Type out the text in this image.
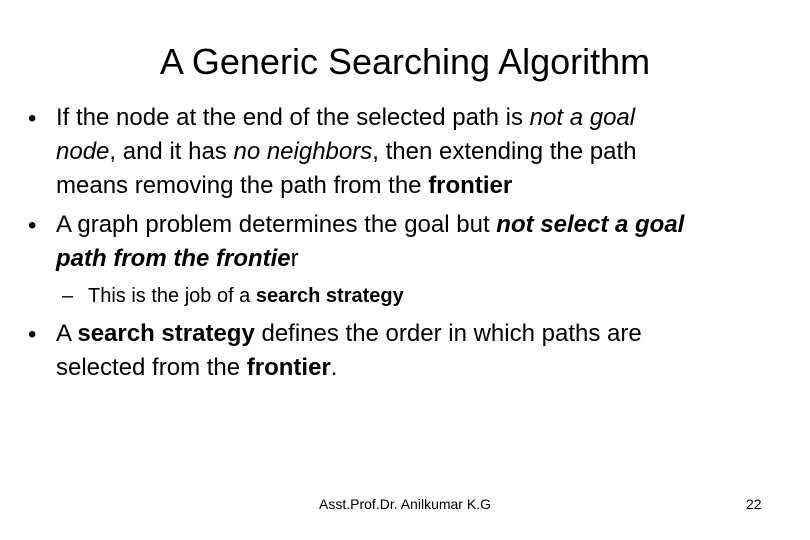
A Generic Searching Algorithm
• If the node at the end of the selected path is not a goal
node, and it has no neighbors, then extending the path
means removing the path from the frontier
• A graph problem determines the goal but not select a goal
path from the frontier
– This is the job of a search strategy
• A search strategy defines the order in which paths are
selected from the frontier.
Asst.Prof.Dr. Anilkumar K.G	22
